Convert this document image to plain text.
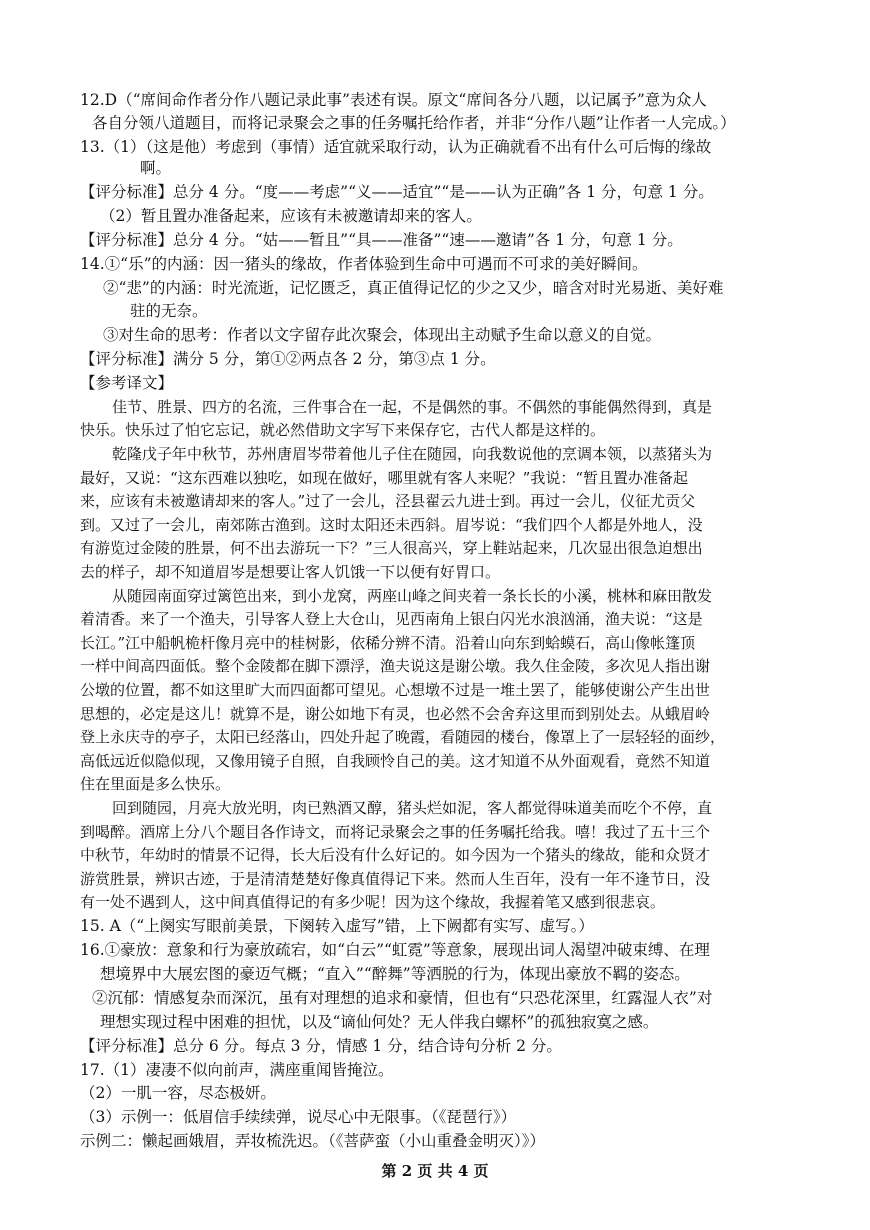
12.D（“席间命作者分作八题记录此事”表述有误。原文“席间各分八题，以记属予”意为众人
各自分领八道题目，而将记录聚会之事的任务嘱托给作者，并非“分作八题”让作者一人完成。）
13.（1）（这是他）考虑到（事情）适宜就采取行动，认为正确就看不出有什么可后悔的缘故
啊。
【评分标准】总分 4 分。“度——考虑”“义——适宜”“是——认为正确”各 1 分，句意 1 分。
（2）暂且置办准备起来，应该有未被邀请却来的客人。
【评分标准】总分 4 分。“姑——暂且”“具——准备”“速——邀请”各 1 分，句意 1 分。
14.①“乐”的内涵：因一猪头的缘故，作者体验到生命中可遇而不可求的美好瞬间。
②“悲”的内涵：时光流逝，记忆匮乏，真正值得记忆的少之又少，暗含对时光易逝、美好难
驻的无奈。
③对生命的思考：作者以文字留存此次聚会，体现出主动赋予生命以意义的自觉。
【评分标准】满分 5 分，第①②两点各 2 分，第③点 1 分。
【参考译文】
佳节、胜景、四方的名流，三件事合在一起，不是偶然的事。不偶然的事能偶然得到，真是
快乐。快乐过了怕它忘记，就必然借助文字写下来保存它，古代人都是这样的。
乾隆戊子年中秋节，苏州唐眉岑带着他儿子住在随园，向我数说他的烹调本领，以蒸猪头为
最好，又说：“这东西难以独吃，如现在做好，哪里就有客人来呢？”我说：“暂且置办准备起
来，应该有未被邀请却来的客人。”过了一会儿，泾县翟云九进士到。再过一会儿，仪征尤贡父
到。又过了一会儿，南郊陈古渔到。这时太阳还未西斜。眉岑说：“我们四个人都是外地人，没
有游览过金陵的胜景，何不出去游玩一下？”三人很高兴，穿上鞋站起来，几次显出很急迫想出
去的样子，却不知道眉岑是想要让客人饥饿一下以便有好胃口。
从随园南面穿过篱笆出来，到小龙窝，两座山峰之间夹着一条长长的小溪，桃林和麻田散发
着清香。来了一个渔夫，引导客人登上大仓山，见西南角上银白闪光水浪汹涌，渔夫说：“这是
长江。”江中船帆桅杆像月亮中的桂树影，依稀分辨不清。沿着山向东到蛤蟆石，高山像帐篷顶
一样中间高四面低。整个金陵都在脚下漂浮，渔夫说这是谢公墩。我久住金陵，多次见人指出谢
公墩的位置，都不如这里旷大而四面都可望见。心想墩不过是一堆土罢了，能够使谢公产生出世
思想的，必定是这儿！就算不是，谢公如地下有灵，也必然不会舍弃这里而到别处去。从蛾眉岭
登上永庆寺的亭子，太阳已经落山，四处升起了晚霞，看随园的楼台，像罩上了一层轻轻的面纱，
高低远近似隐似现，又像用镜子自照，自我顾怜自己的美。这才知道不从外面观看，竟然不知道
住在里面是多么快乐。
回到随园，月亮大放光明，肉已熟酒又醇，猪头烂如泥，客人都觉得味道美而吃个不停，直
到喝醉。酒席上分八个题目各作诗文，而将记录聚会之事的任务嘱托给我。嘻！我过了五十三个
中秋节，年幼时的情景不记得，长大后没有什么好记的。如今因为一个猪头的缘故，能和众贤才
游赏胜景，辨识古迹，于是清清楚楚好像真值得记下来。然而人生百年，没有一年不逢节日，没
有一处不遇到人，这中间真值得记的有多少呢！因为这个缘故，我握着笔又感到很悲哀。
15. A（“上阕实写眼前美景，下阕转入虚写”错，上下阙都有实写、虚写。）
16.①豪放：意象和行为豪放疏宕，如“白云”“虹霓”等意象，展现出词人渴望冲破束缚、在理
想境界中大展宏图的豪迈气概；“直入”“醉舞”等洒脱的行为，体现出豪放不羁的姿态。
②沉郁：情感复杂而深沉，虽有对理想的追求和豪情，但也有“只恐花深里，红露湿人衣”对
理想实现过程中困难的担忧，以及“谪仙何处？无人伴我白螺杯”的孤独寂寞之感。
【评分标准】总分 6 分。每点 3 分，情感 1 分，结合诗句分析 2 分。
17.（1）凄凄不似向前声，满座重闻皆掩泣。
（2）一肌一容，尽态极妍。
（3）示例一：低眉信手续续弹，说尽心中无限事。（《琵琶行》）
示例二：懒起画娥眉，弄妆梳洗迟。（《菩萨蛮（小山重叠金明灭）》）
第 2 页 共 4 页
